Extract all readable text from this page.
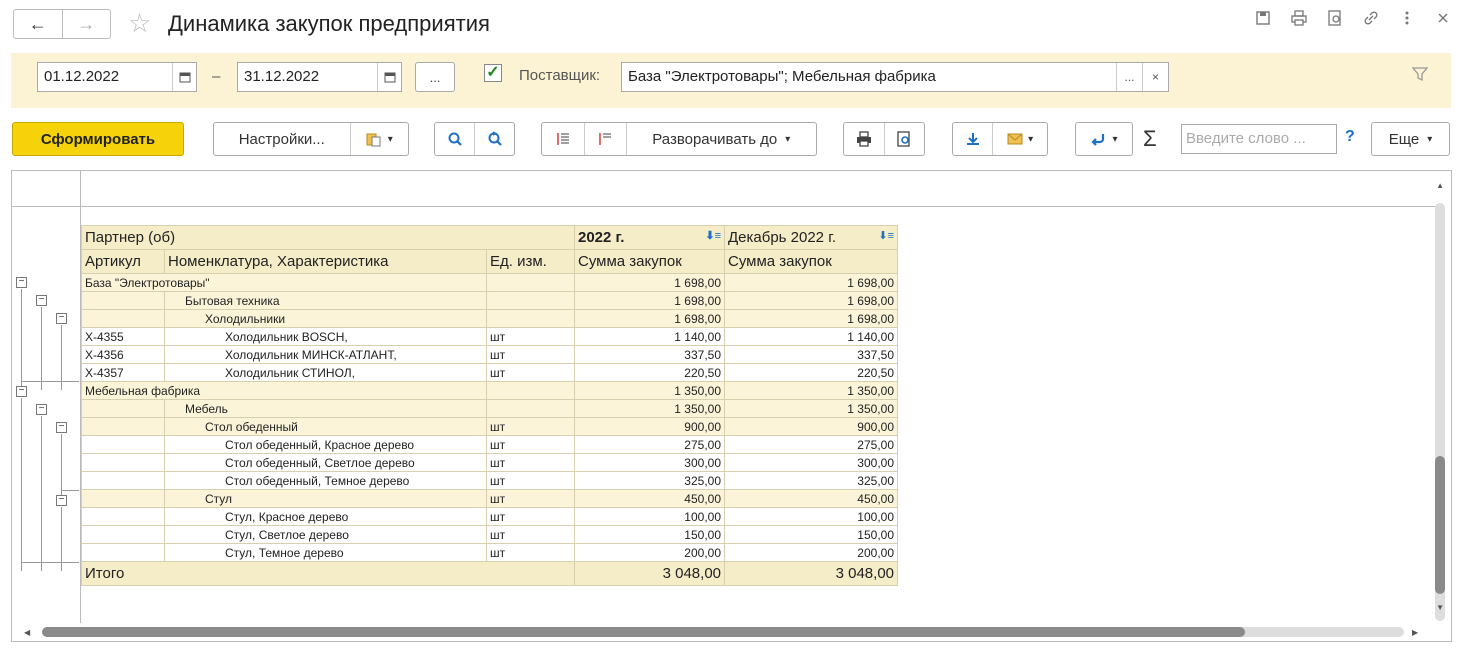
←	→	☆ Динамика закупок предприятия
01.12.2022	–	31.12.2022	...	✓ Поставщик:	База "Электротовары"; Мебельная фабрика	...	×
Сформировать	Настройки...	▾	Разворачивать до ▾	▾	▾ Σ	Введите слово ...	? Еще ▾
−
−
−
−
−
−
−
Партнер (об)			2022 г. ⬇≡	Декабрь 2022 г. ⬇≡

Артикул	Номенклатура, Характеристика	Ед. изм.	Сумма закупок	Сумма закупок
База "Электротовары"			1 698,00	1 698,00
	Бытовая техника		1 698,00	1 698,00
	Холодильники		1 698,00	1 698,00
X-4355	Холодильник BOSCH,	шт	1 140,00	1 140,00
X-4356	Холодильник МИНСК-АТЛАНТ,	шт	337,50	337,50
X-4357	Холодильник СТИНОЛ,	шт	220,50	220,50
Мебельная фабрика			1 350,00	1 350,00
	Мебель		1 350,00	1 350,00
	Стол обеденный	шт	900,00	900,00
	Стол обеденный, Красное дерево	шт	275,00	275,00
	Стол обеденный, Светлое дерево	шт	300,00	300,00
	Стол обеденный, Темное дерево	шт	325,00	325,00
	Стул	шт	450,00	450,00
	Стул, Красное дерево	шт	100,00	100,00
	Стул, Светлое дерево	шт	150,00	150,00
	Стул, Темное дерево	шт	200,00	200,00
Итого			3 048,00	3 048,00
▲
▼
◀	▶
